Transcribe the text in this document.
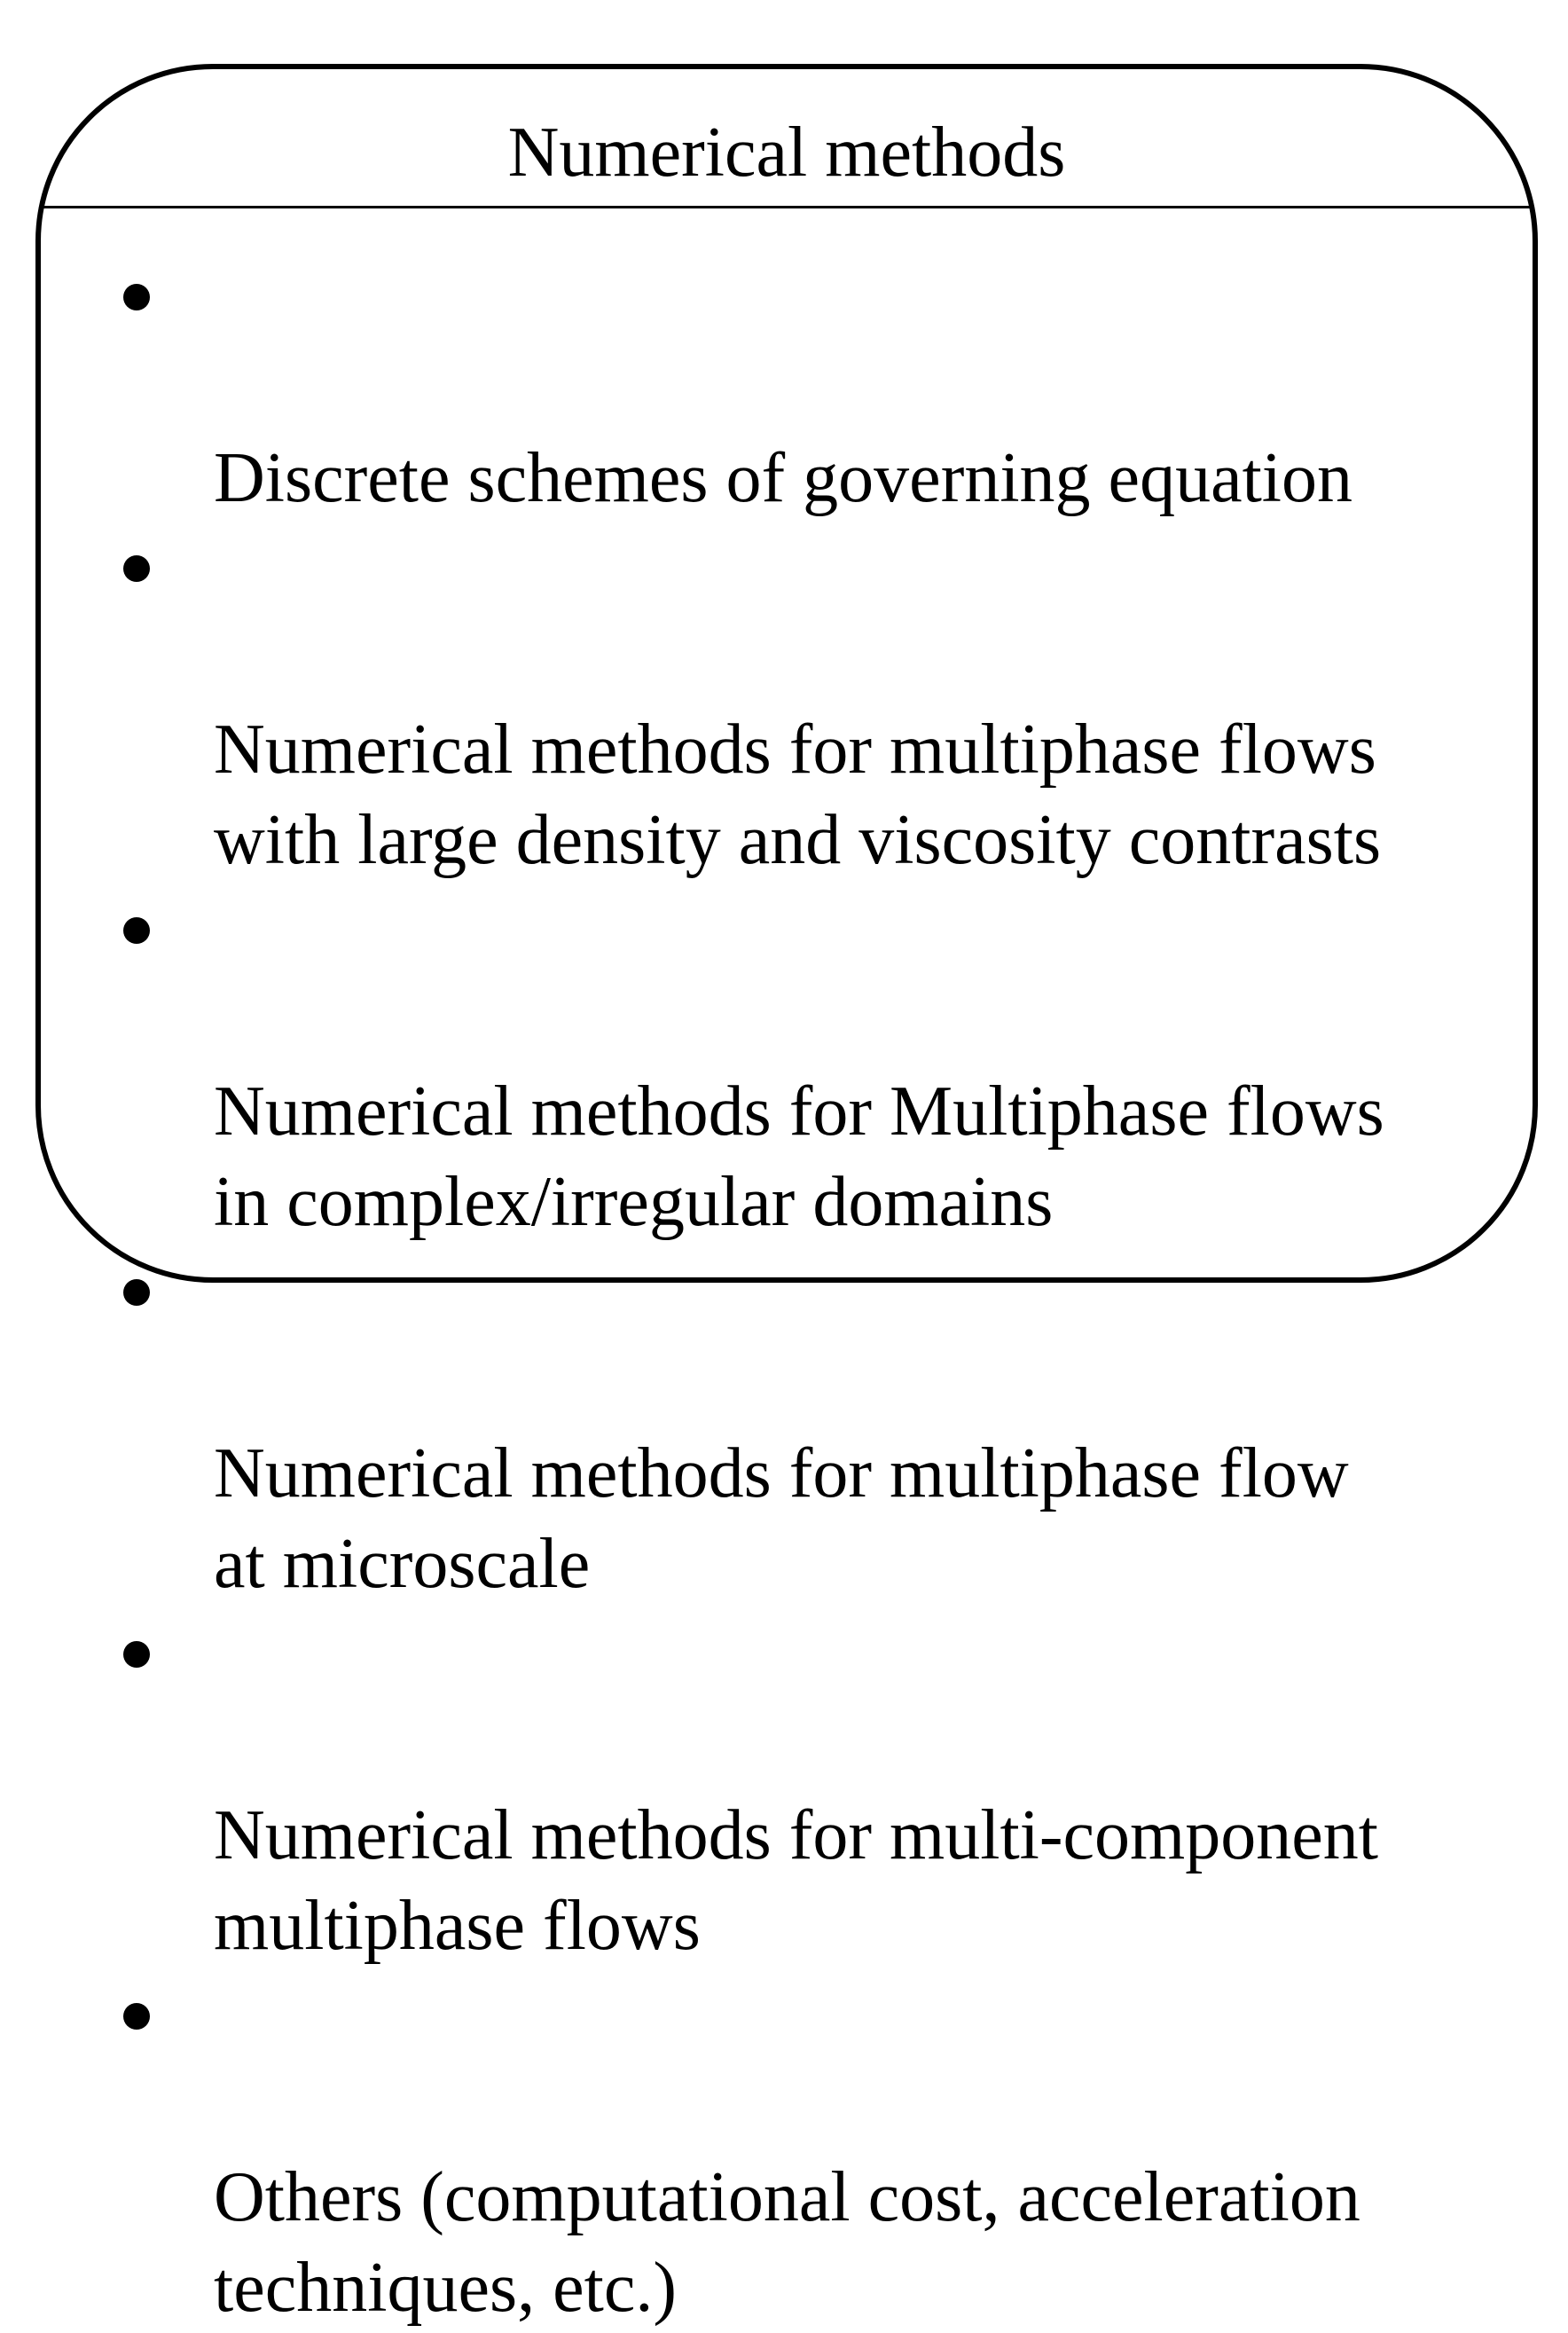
Numerical methods

Discrete schemes of governing equation

Numerical methods for multiphase flows
with large density and viscosity contrasts

Numerical methods for Multiphase flows
in complex/irregular domains

Numerical methods for multiphase flow
at microscale

Numerical methods for multi-component
multiphase flows

Others (computational cost, acceleration
techniques, etc.)
